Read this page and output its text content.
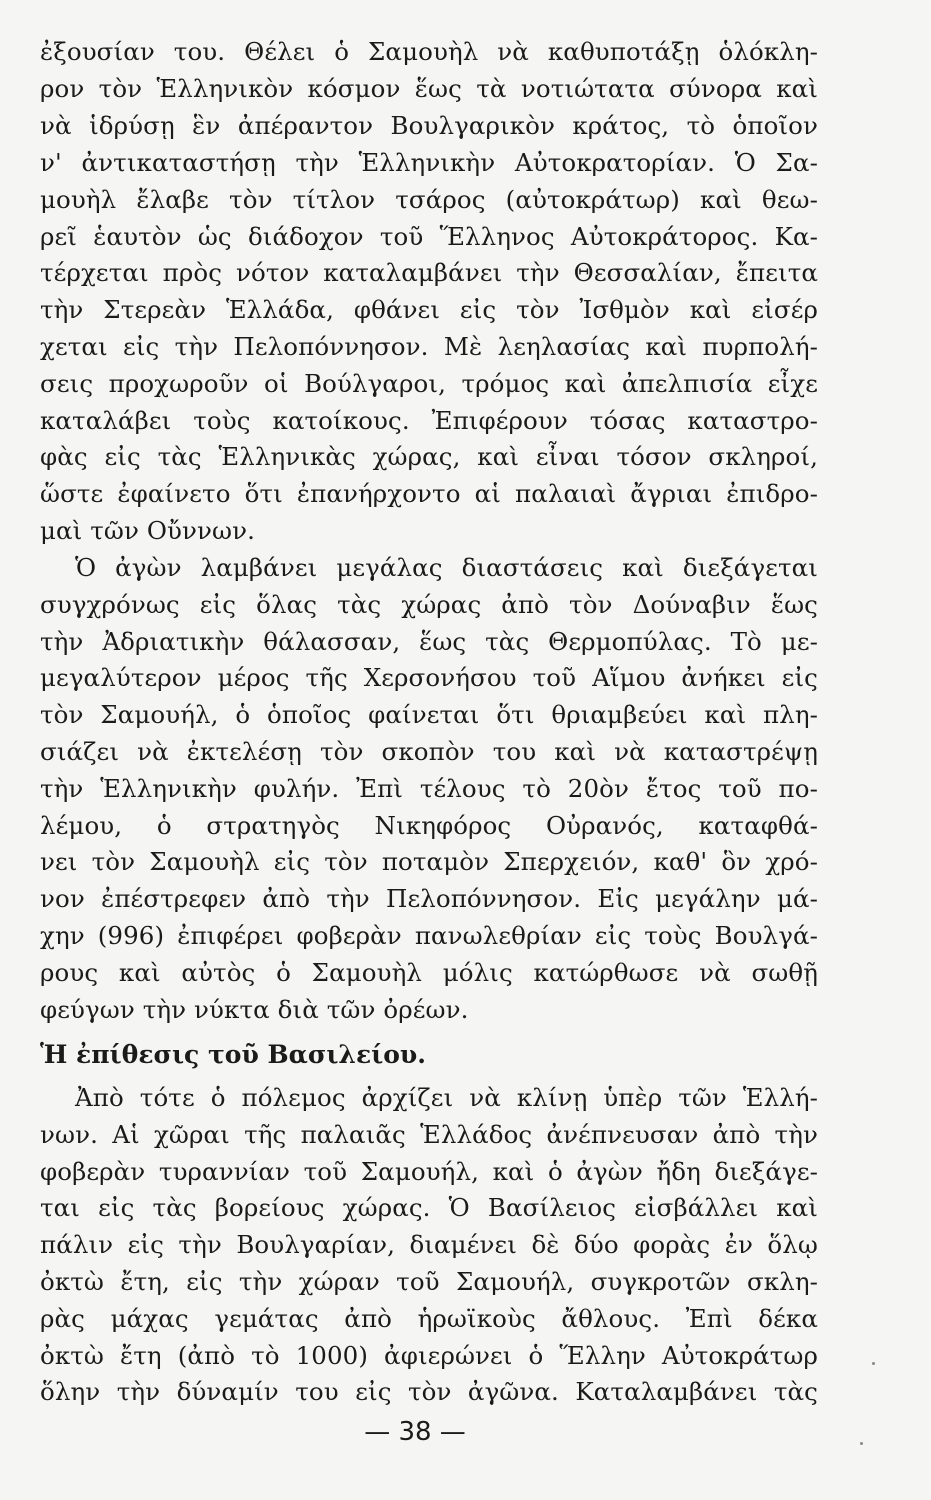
ἐξουσίαν του. Θέλει ὁ Σαμουὴλ νὰ καθυποτάξῃ ὁλόκλη-
ρον τὸν Ἑλληνικὸν κόσμον ἕως τὰ νοτιώτατα σύνορα καὶ
νὰ ἱδρύσῃ ἓν ἀπέραντον Βουλγαρικὸν κράτος, τὸ ὁποῖον
ν' ἀντικαταστήσῃ τὴν Ἑλληνικὴν Αὐτοκρατορίαν. Ὁ Σα-
μουὴλ ἔλαβε τὸν τίτλον τσάρος (αὐτοκράτωρ) καὶ θεω-
ρεῖ ἑαυτὸν ὡς διάδοχον τοῦ Ἕλληνος Αὐτοκράτορος. Κα-
τέρχεται πρὸς νότον καταλαμβάνει τὴν Θεσσαλίαν, ἔπειτα
τὴν Στερεὰν Ἑλλάδα, φθάνει εἰς τὸν Ἰσθμὸν καὶ εἰσέρ
χεται εἰς τὴν Πελοπόννησον. Μὲ λεηλασίας καὶ πυρπολή-
σεις προχωροῦν οἱ Βούλγαροι, τρόμος καὶ ἀπελπισία εἶχε
καταλάβει τοὺς κατοίκους. Ἐπιφέρουν τόσας καταστρο-
φὰς εἰς τὰς Ἑλληνικὰς χώρας, καὶ εἶναι τόσον σκληροί,
ὥστε ἐφαίνετο ὅτι ἐπανήρχοντο αἱ παλαιαὶ ἄγριαι ἐπιδρο-
μαὶ τῶν Οὔννων.
Ὁ ἀγὼν λαμβάνει μεγάλας διαστάσεις καὶ διεξάγεται
συγχρόνως εἰς ὅλας τὰς χώρας ἀπὸ τὸν Δούναβιν ἕως
τὴν Ἀδριατικὴν θάλασσαν, ἕως τὰς Θερμοπύλας. Τὸ με-
μεγαλύτερον μέρος τῆς Χερσονήσου τοῦ Αἵμου ἀνήκει εἰς
τὸν Σαμουήλ, ὁ ὁποῖος φαίνεται ὅτι θριαμβεύει καὶ πλη-
σιάζει νὰ ἐκτελέσῃ τὸν σκοπὸν του καὶ νὰ καταστρέψῃ
τὴν Ἑλληνικὴν φυλήν. Ἐπὶ τέλους τὸ 20ὸν ἔτος τοῦ πο-
λέμου, ὁ στρατηγὸς Νικηφόρος Οὐρανός, καταφθά-
νει τὸν Σαμουὴλ εἰς τὸν ποταμὸν Σπερχειόν, καθ' ὃν χρό-
νον ἐπέστρεφεν ἀπὸ τὴν Πελοπόννησον. Εἰς μεγάλην μά-
χην (996) ἐπιφέρει φοβερὰν πανωλεθρίαν εἰς τοὺς Βουλγά-
ρους καὶ αὐτὸς ὁ Σαμουὴλ μόλις κατώρθωσε νὰ σωθῇ
φεύγων τὴν νύκτα διὰ τῶν ὀρέων.
Ἡ ἐπίθεσις τοῦ Βασιλείου.
Ἀπὸ τότε ὁ πόλεμος ἀρχίζει νὰ κλίνῃ ὑπὲρ τῶν Ἑλλή-
νων. Αἱ χῶραι τῆς παλαιᾶς Ἑλλάδος ἀνέπνευσαν ἀπὸ τὴν
φοβερὰν τυραννίαν τοῦ Σαμουήλ, καὶ ὁ ἀγὼν ἤδη διεξάγε-
ται εἰς τὰς βορείους χώρας. Ὁ Βασίλειος εἰσβάλλει καὶ
πάλιν εἰς τὴν Βουλγαρίαν, διαμένει δὲ δύο φορὰς ἐν ὅλῳ
ὀκτὼ ἔτη, εἰς τὴν χώραν τοῦ Σαμουήλ, συγκροτῶν σκλη-
ρὰς μάχας γεμάτας ἀπὸ ἡρωϊκοὺς ἄθλους. Ἐπὶ δέκα
ὀκτὼ ἔτη (ἀπὸ τὸ 1000) ἀφιερώνει ὁ Ἕλλην Αὐτοκράτωρ
ὅλην τὴν δύναμίν του εἰς τὸν ἀγῶνα. Καταλαμβάνει τὰς
— 38 —
